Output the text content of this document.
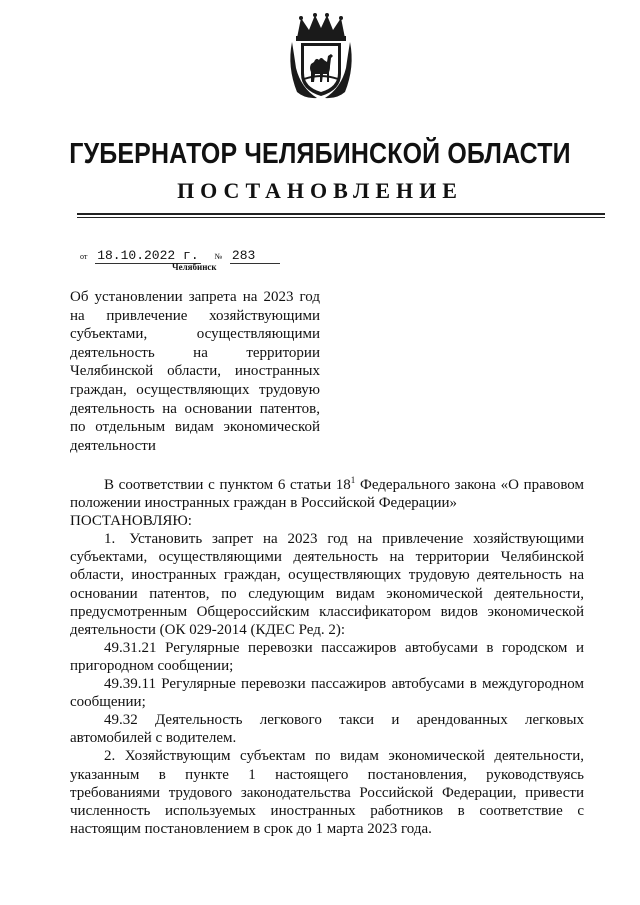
ГУБЕРНАТОР ЧЕЛЯБИНСКОЙ ОБЛАСТИ
ПОСТАНОВЛЕНИЕ
от 18.10.2022 г. № 283
Челябинск
Об установлении запрета на 2023 год на привлечение хозяйствующими субъектами, осуществляющими деятельность на территории Челябинской области, иностранных граждан, осуществляющих трудовую деятельность на основании патентов, по отдельным видам экономической деятельности

В соответствии с пунктом 6 статьи $18^1$ Федерального закона «О правовом положении иностранных граждан в Российской Федерации»

ПОСТАНОВЛЯЮ:

1. Установить запрет на 2023 год на привлечение хозяйствующими субъектами, осуществляющими деятельность на территории Челябинской области, иностранных граждан, осуществляющих трудовую деятельность на основании патентов, по следующим видам экономической деятельности, предусмотренным Общероссийским классификатором видов экономической деятельности (ОК 029-2014 (КДЕС Ред. 2):

49.31.21 Регулярные перевозки пассажиров автобусами в городском и пригородном сообщении;

49.39.11 Регулярные перевозки пассажиров автобусами в междугородном сообщении;

49.32 Деятельность легкового такси и арендованных легковых автомобилей с водителем.

2. Хозяйствующим субъектам по видам экономической деятельности, указанным в пункте 1 настоящего постановления, руководствуясь требованиями трудового законодательства Российской Федерации, привести численность используемых иностранных работников в соответствие с настоящим постановлением в срок до 1 марта 2023 года.
